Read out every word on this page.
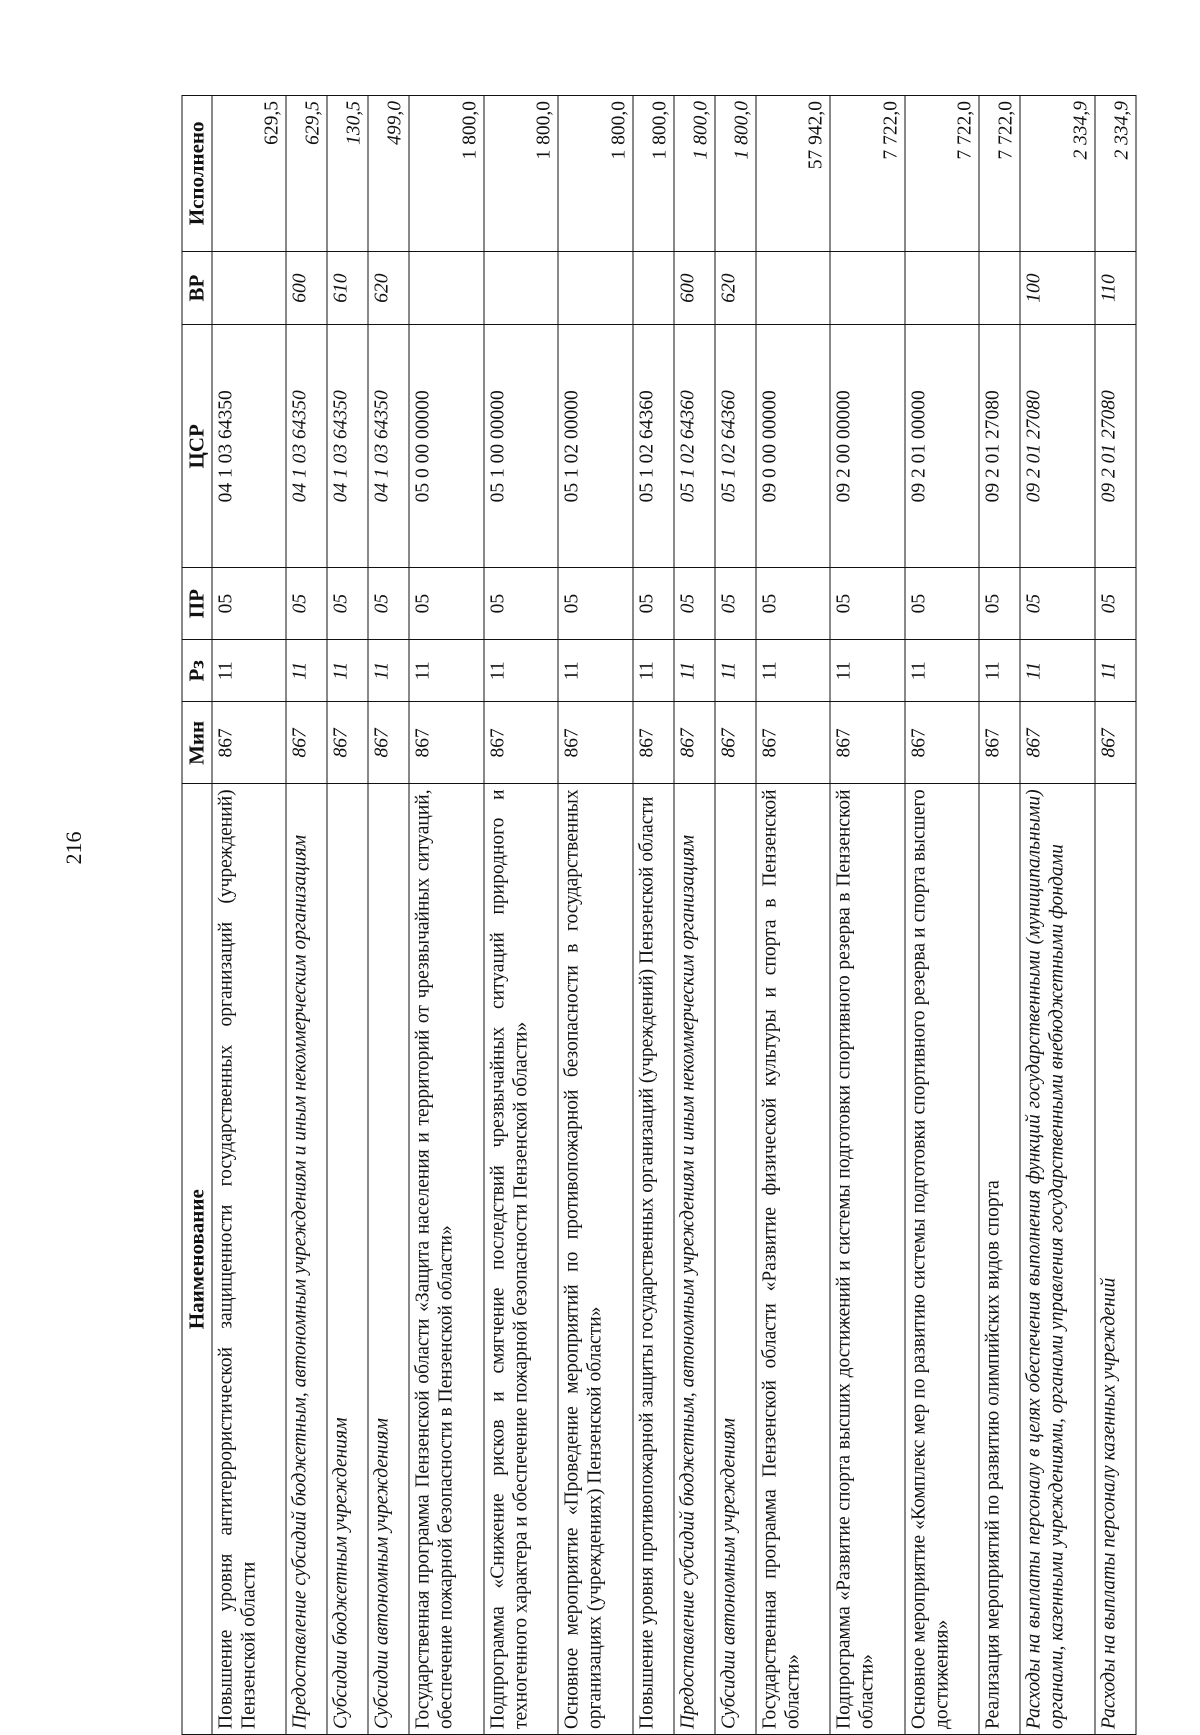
216
Наименование	Мин	Рз	ПР	ЦСР	ВР	Исполнено
Повышение уровня антитеррористической защищенности государственных организаций (учреждений) Пензенской области	867	11	05	04 1 03 64350		629,5
Предоставление субсидий бюджетным, автономным учреждениям и иным некоммерческим организациям	867	11	05	04 1 03 64350	600	629,5
Субсидии бюджетным учреждениям	867	11	05	04 1 03 64350	610	130,5
Субсидии автономным учреждениям	867	11	05	04 1 03 64350	620	499,0
Государственная программа Пензенской области «Защита населения и территорий от чрезвычайных ситуаций, обеспечение пожарной безопасности в Пензенской области»	867	11	05	05 0 00 00000		1 800,0
Подпрограмма «Снижение рисков и смягчение последствий чрезвычайных ситуаций природного и техногенного характера и обеспечение пожарной безопасности Пензенской области»	867	11	05	05 1 00 00000		1 800,0
Основное мероприятие «Проведение мероприятий по противопожарной безопасности в государственных организациях (учреждениях) Пензенской области»	867	11	05	05 1 02 00000		1 800,0
Повышение уровня противопожарной защиты государственных организаций (учреждений) Пензенской области	867	11	05	05 1 02 64360		1 800,0
Предоставление субсидий бюджетным, автономным учреждениям и иным некоммерческим организациям	867	11	05	05 1 02 64360	600	1 800,0
Субсидии автономным учреждениям	867	11	05	05 1 02 64360	620	1 800,0
Государственная программа Пензенской области «Развитие физической культуры и спорта в Пензенской области»	867	11	05	09 0 00 00000		57 942,0
Подпрограмма «Развитие спорта высших достижений и системы подготовки спортивного резерва в Пензенской области»	867	11	05	09 2 00 00000		7 722,0
Основное мероприятие «Комплекс мер по развитию системы подготовки спортивного резерва и спорта высшего достижения»	867	11	05	09 2 01 00000		7 722,0
Реализация мероприятий по развитию олимпийских видов спорта	867	11	05	09 2 01 27080		7 722,0
Расходы на выплаты персоналу в целях обеспечения выполнения функций государственными (муниципальными) органами, казенными учреждениями, органами управления государственными внебюджетными фондами	867	11	05	09 2 01 27080	100	2 334,9
Расходы на выплаты персоналу казенных учреждений	867	11	05	09 2 01 27080	110	2 334,9
